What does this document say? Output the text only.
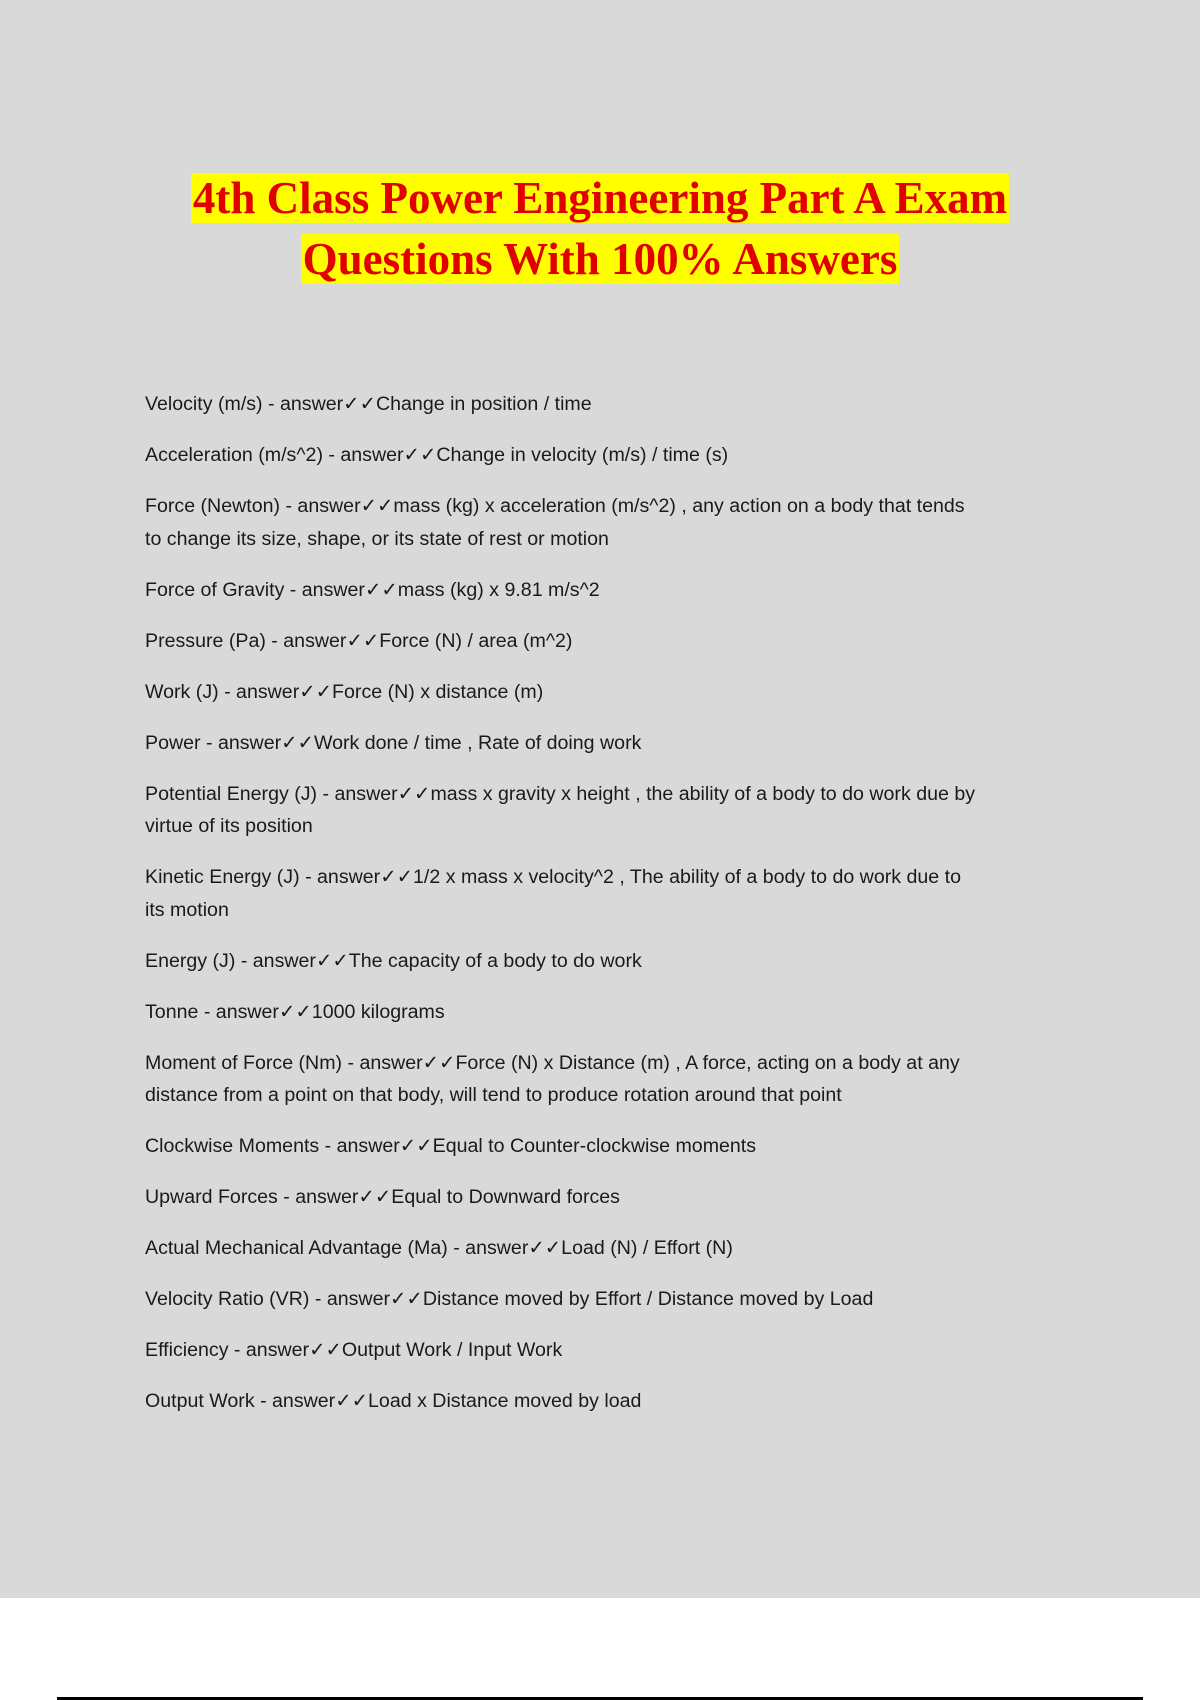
4th Class Power Engineering Part A Exam
Questions With 100% Answers
Velocity (m/s) - answer✓✓Change in position / time
Acceleration (m/s^2) - answer✓✓Change in velocity (m/s) / time (s)
Force (Newton) - answer✓✓mass (kg) x acceleration (m/s^2) , any action on a body that tends
to change its size, shape, or its state of rest or motion
Force of Gravity - answer✓✓mass (kg) x 9.81 m/s^2
Pressure (Pa) - answer✓✓Force (N) / area (m^2)
Work (J) - answer✓✓Force (N) x distance (m)
Power - answer✓✓Work done / time , Rate of doing work
Potential Energy (J) - answer✓✓mass x gravity x height , the ability of a body to do work due by
virtue of its position
Kinetic Energy (J) - answer✓✓1/2 x mass x velocity^2 , The ability of a body to do work due to
its motion
Energy (J) - answer✓✓The capacity of a body to do work
Tonne - answer✓✓1000 kilograms
Moment of Force (Nm) - answer✓✓Force (N) x Distance (m) , A force, acting on a body at any
distance from a point on that body, will tend to produce rotation around that point
Clockwise Moments - answer✓✓Equal to Counter-clockwise moments
Upward Forces - answer✓✓Equal to Downward forces
Actual Mechanical Advantage (Ma) - answer✓✓Load (N) / Effort (N)
Velocity Ratio (VR) - answer✓✓Distance moved by Effort / Distance moved by Load
Efficiency - answer✓✓Output Work / Input Work
Output Work - answer✓✓Load x Distance moved by load
